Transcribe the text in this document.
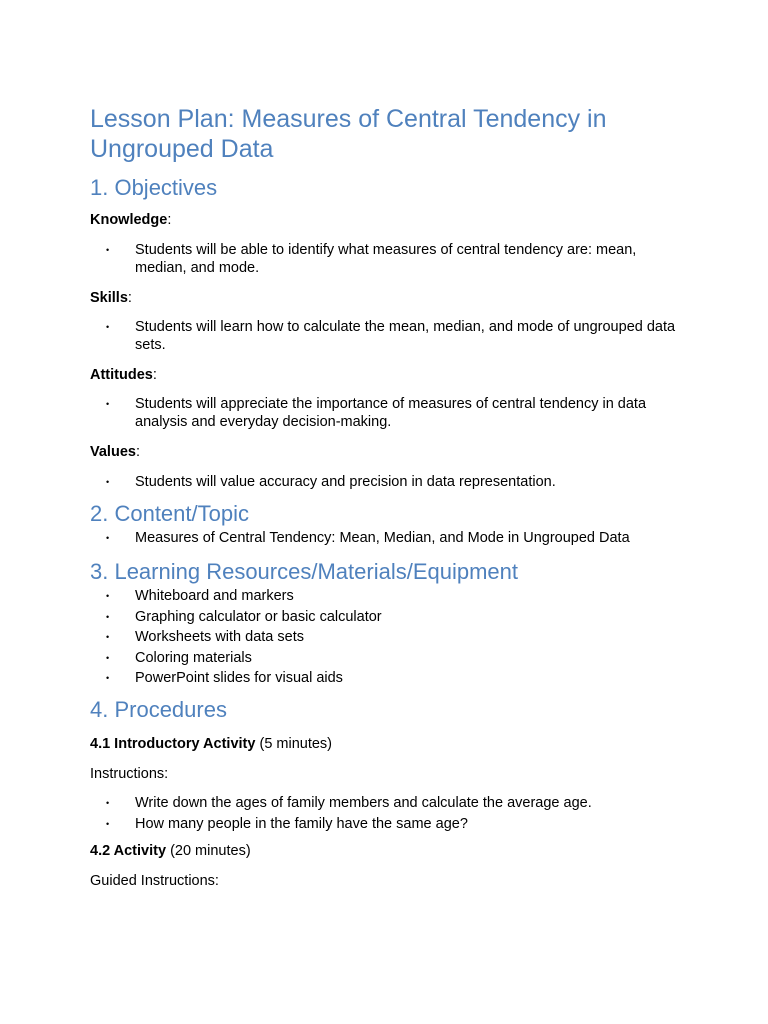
Lesson Plan: Measures of Central Tendency in Ungrouped Data
1. Objectives

Knowledge:

• Students will be able to identify what measures of central tendency are: mean, median, and mode.

Skills:

• Students will learn how to calculate the mean, median, and mode of ungrouped data sets.

Attitudes:

• Students will appreciate the importance of measures of central tendency in data analysis and everyday decision-making.

Values:

• Students will value accuracy and precision in data representation.
2. Content/Topic
• Measures of Central Tendency: Mean, Median, and Mode in Ungrouped Data
3. Learning Resources/Materials/Equipment
• Whiteboard and markers
• Graphing calculator or basic calculator
• Worksheets with data sets
• Coloring materials
• PowerPoint slides for visual aids
4. Procedures

4.1 Introductory Activity (5 minutes)

Instructions:

• Write down the ages of family members and calculate the average age.
• How many people in the family have the same age?

4.2 Activity (20 minutes)

Guided Instructions:
